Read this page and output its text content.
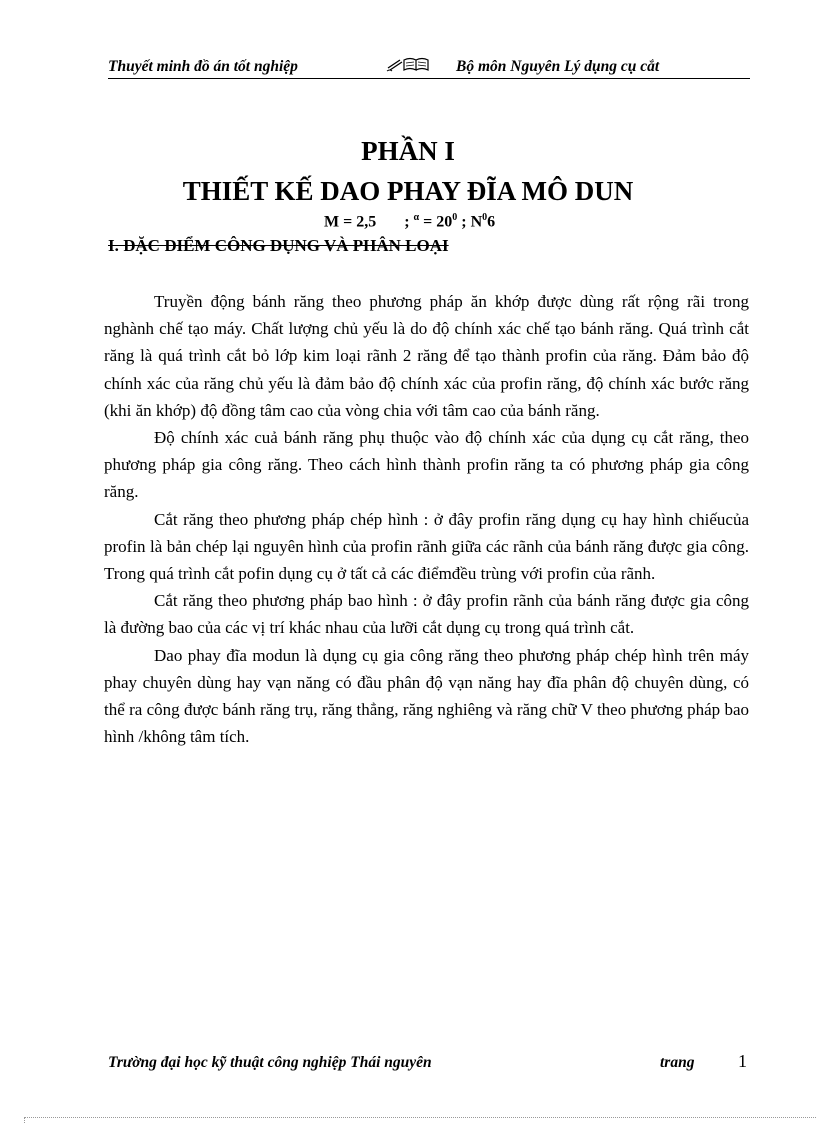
Thuyết minh đồ án tốt nghiệp	Bộ môn Nguyên Lý dụng cụ cắt
PHẦN I
THIẾT KẾ DAO PHAY ĐĨA MÔ DUN
M = 2,5       ; $^\alpha = 20^0$ ; $N^06$
I. ĐẶC ĐIỂM CÔNG DỤNG VÀ PHÂN LOẠI

Truyền động bánh răng theo phương pháp ăn khớp được dùng rất rộng rãi trong nghành chế tạo máy. Chất lượng chủ yếu là do độ chính xác chế tạo bánh răng. Quá trình cắt răng là quá trình cắt bỏ lớp kim loại rãnh 2 răng để tạo thành profin của răng. Đảm bảo độ chính xác của răng chủ yếu là đảm bảo độ chính xác của profin răng, độ chính xác bước răng (khi ăn khớp) độ đồng tâm cao của vòng chia với tâm cao của bánh răng.

Độ chính xác cuả bánh răng phụ thuộc vào độ chính xác của dụng cụ cắt răng, theo phương pháp gia công răng. Theo cách hình thành profin răng ta có phương pháp gia công răng.

Cắt răng theo phương pháp chép hình : ở đây profin răng dụng cụ hay hình chiếucủa profin là bản chép lại nguyên hình của profin rãnh giữa các rãnh của bánh răng được gia công. Trong quá trình cắt pofin dụng cụ ở tất cả các điểmđều trùng với profin của rãnh.

Cắt răng theo phương pháp bao hình : ở đây profin rãnh của bánh răng được gia công là đường bao của các vị trí khác nhau của lưỡi cắt dụng cụ trong quá trình cắt.

Dao phay đĩa modun là dụng cụ gia công răng theo phương pháp chép hình trên máy phay chuyên dùng hay vạn năng có đầu phân độ vạn năng hay đĩa phân độ chuyên dùng, có thể ra công được bánh răng trụ, răng thẳng, răng nghiêng và răng chữ V theo phương pháp bao hình /không tâm tích.

Trường đại học kỹ thuật công nghiệp Thái nguyên	trang 1
